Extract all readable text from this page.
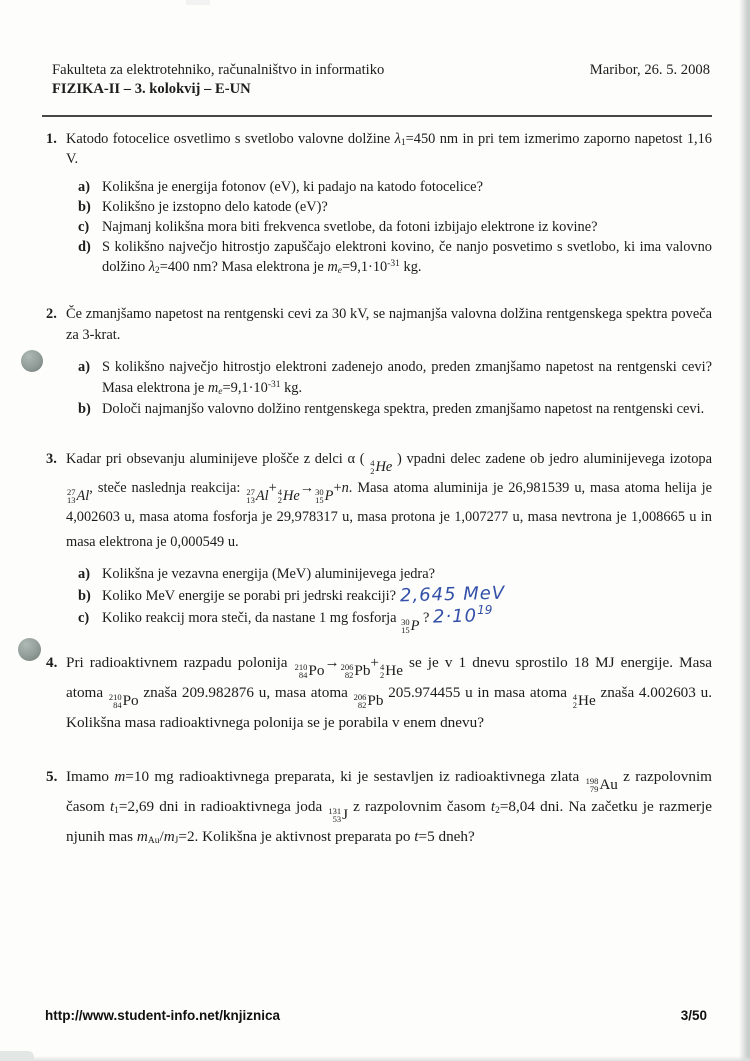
Fakulteta za elektrotehniko, računalništvo in informatiko
FIZIKA-II – 3. kolokvij – E-UN
Maribor, 26. 5. 2008
1. Katodo fotocelice osvetlimo s svetlobo valovne dolžine $\lambda_1=450$ nm in pri tem izmerimo zaporno napetost 1,16 V.
a) Kolikšna je energija fotonov (eV), ki padajo na katodo fotocelice?
b) Kolikšno je izstopno delo katode (eV)?
c) Najmanj kolikšna mora biti frekvenca svetlobe, da fotoni izbijajo elektrone iz kovine?
d) S kolikšno največjo hitrostjo zapuščajo elektroni kovino, če nanjo posvetimo s svetlobo, ki ima valovno dolžino $\lambda_2=400$ nm? Masa elektrona je $m_e=9,1\cdot 10^{-31}$ kg.
2. Če zmanjšamo napetost na rentgenski cevi za 30 kV, se najmanjša valovna dolžina rentgenskega spektra poveča za 3-krat.
a) S kolikšno največjo hitrostjo elektroni zadenejo anodo, preden zmanjšamo napetost na rentgenski cevi? Masa elektrona je $m_e=9,1\cdot 10^{-31}$ kg.
b) Določi najmanjšo valovno dolžino rentgenskega spektra, preden zmanjšamo napetost na rentgenski cevi.
3. Kadar pri obsevanju aluminijeve plošče z delci α ( 4
2 He ) vpadni delec zadene ob jedro aluminijevega izotopa
27
13 Al , steče naslednja reakcija: 27
13 Al + 4
2 He → 30
15 P +n. Masa atoma aluminija je 26,981539 u, masa atoma helija je 4,002603 u, masa atoma fosforja je 29,978317 u, masa protona je 1,007277 u, masa nevtrona je 1,008665 u in masa elektrona je 0,000549 u.
a) Kolikšna je vezavna energija (MeV) aluminijevega jedra?
b) Koliko MeV energije se porabi pri jedrski reakciji? 2,645 MeV
c) Koliko reakcij mora steči, da nastane 1 mg fosforja 30
15 P ? $2\cdot 10^{19}$
4. Pri radioaktivnem razpadu polonija 210
84 Po → 206
82 Pb + 4
2 He se je v 1 dnevu sprostilo 18 MJ energije. Masa atoma 210
84 Po znaša 209.982876 u, masa atoma 206
82 Pb 205.974455 u in masa atoma 4
2 He znaša 4.002603 u. Kolikšna masa radioaktivnega polonija se je porabila v enem dnevu?
5. Imamo m=10 mg radioaktivnega preparata, ki je sestavljen iz radioaktivnega zlata 198
79 Au z razpolovnim časom $t_1=2,69$ dni in radioaktivnega joda 131
53 J z razpolovnim časom $t_2=8,04$ dni. Na začetku je razmerje njunih mas $m_{Au}/m_J=2$. Kolikšna je aktivnost preparata po t=5 dneh?
http://www.student-info.net/knjiznica	3/50
